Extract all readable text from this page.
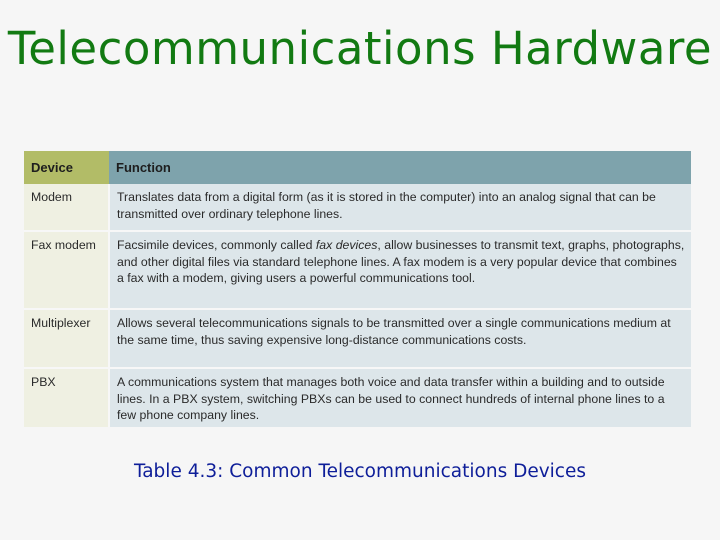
Telecommunications Hardware
Device	Function
Modem	Translates data from a digital form (as it is stored in the computer) into an analog signal that can be transmitted over ordinary telephone lines.
Fax modem	Facsimile devices, commonly called fax devices, allow businesses to transmit text, graphs, photographs, and other digital files via standard telephone lines. A fax modem is a very popular device that combines a fax with a modem, giving users a powerful communications tool.
Multiplexer	Allows several telecommunications signals to be transmitted over a single communications medium at the same time, thus saving expensive long-distance communications costs.
PBX	A communications system that manages both voice and data transfer within a building and to outside lines. In a PBX system, switching PBXs can be used to connect hundreds of internal phone lines to a few phone company lines.
Table 4.3: Common Telecommunications Devices
